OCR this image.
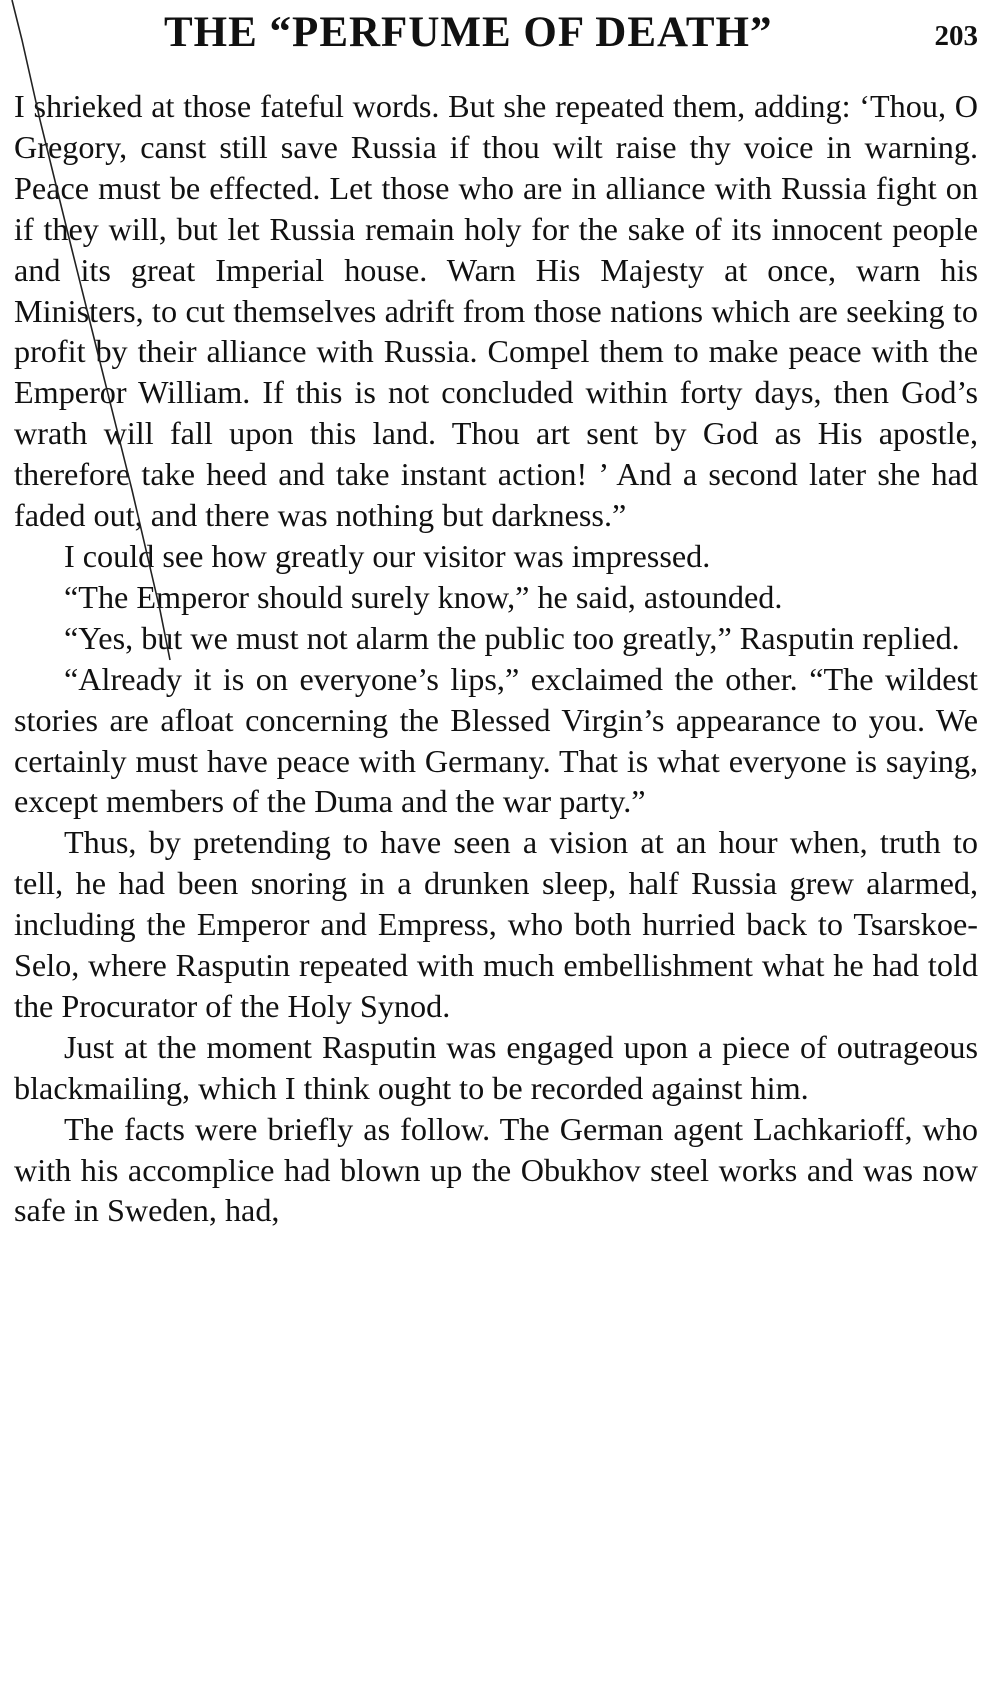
THE “PERFUME OF DEATH”	203

I shrieked at those fateful words. But she repeated them, adding: ‘Thou, O Gregory, canst still save Russia if thou wilt raise thy voice in warning. Peace must be effected. Let those who are in alliance with Russia fight on if they will, but let Russia remain holy for the sake of its innocent people and its great Imperial house. Warn His Majesty at once, warn his Ministers, to cut themselves adrift from those nations which are seeking to profit by their alliance with Russia. Compel them to make peace with the Emperor William. If this is not concluded within forty days, then God’s wrath will fall upon this land. Thou art sent by God as His apostle, therefore take heed and take instant action! ’ And a second later she had faded out, and there was nothing but darkness.”

I could see how greatly our visitor was impressed.

“The Emperor should surely know,” he said, astounded.

“Yes, but we must not alarm the public too greatly,” Rasputin replied.

“Already it is on everyone’s lips,” exclaimed the other. “The wildest stories are afloat concerning the Blessed Virgin’s appearance to you. We certainly must have peace with Germany. That is what everyone is saying, except members of the Duma and the war party.”

Thus, by pretending to have seen a vision at an hour when, truth to tell, he had been snoring in a drunken sleep, half Russia grew alarmed, including the Emperor and Empress, who both hurried back to Tsarskoe-Selo, where Rasputin repeated with much embellishment what he had told the Procurator of the Holy Synod.

Just at the moment Rasputin was engaged upon a piece of outrageous blackmailing, which I think ought to be recorded against him.

The facts were briefly as follow. The German agent Lachkarioff, who with his accomplice had blown up the Obukhov steel works and was now safe in Sweden, had,
